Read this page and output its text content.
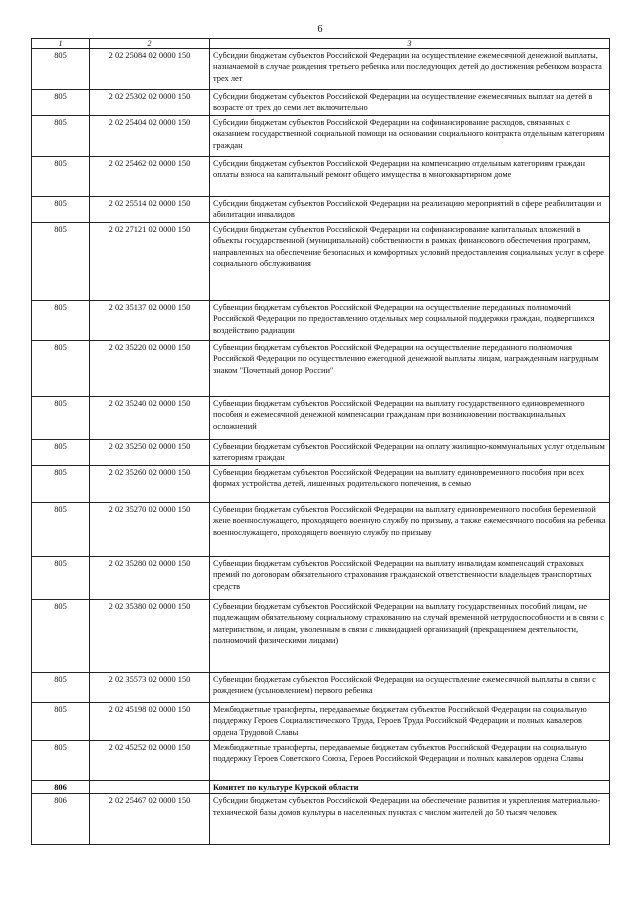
6
1	2	3
805	2 02 25084 02 0000 150	Субсидии бюджетам субъектов Российской Федерации на осуществление ежемесячной денежной выплаты, назначаемой в случае рождения третьего ребенка или последующих детей до достижения ребенком возраста трех лет
805	2 02 25302 02 0000 150	Субсидии бюджетам субъектов Российской Федерации на осуществление ежемесячных выплат на детей в возрасте от трех до семи лет включительно
805	2 02 25404 02 0000 150	Субсидии бюджетам субъектов Российской Федерации на софинансирование расходов, связанных с оказанием государственной социальной помощи на основании социального контракта отдельным категориям граждан
805	2 02 25462 02 0000 150	Субсидии бюджетам субъектов Российской Федерации на компенсацию отдельным категориям граждан оплаты взноса на капитальный ремонт общего имущества в многоквартирном доме
805	2 02 25514 02 0000 150	Субсидии бюджетам субъектов Российской Федерации на реализацию мероприятий в сфере реабилитации и абилитации инвалидов
805	2 02 27121 02 0000 150	Субсидии бюджетам субъектов Российской Федерации на софинансирование капитальных вложений в объекты государственной (муниципальной) собственности в рамках финансового обеспечения программ, направленных на обеспечение безопасных и комфортных условий предоставления социальных услуг в сфере социального обслуживания
805	2 02 35137 02 0000 150	Субвенции бюджетам субъектов Российской Федерации на осуществление переданных полномочий Российской Федерации по предоставлению отдельных мер социальной поддержки граждан, подвергшихся воздействию радиации
805	2 02 35220 02 0000 150	Субвенции бюджетам субъектов Российской Федерации на осуществление переданного полномочия Российской Федерации по осуществлению ежегодной денежной выплаты лицам, награжденным нагрудным знаком "Почетный донор России"
805	2 02 35240 02 0000 150	Субвенции бюджетам субъектов Российской Федерации на выплату государственного единовременного пособия и ежемесячной денежной компенсации гражданам при возникновении поствакцинальных осложнений
805	2 02 35250 02 0000 150	Субвенции бюджетам субъектов Российской Федерации на оплату жилищно-коммунальных услуг отдельным категориям граждан
805	2 02 35260 02 0000 150	Субвенции бюджетам субъектов Российской Федерации на выплату единовременного пособия при всех формах устройства детей, лишенных родительского попечения, в семью
805	2 02 35270 02 0000 150	Субвенции бюджетам субъектов Российской Федерации на выплату единовременного пособия беременной жене военнослужащего, проходящего военную службу по призыву, а также ежемесячного пособия на ребенка военнослужащего, проходящего военную службу по призыву
805	2 02 35280 02 0000 150	Субвенции бюджетам субъектов Российской Федерации на выплату инвалидам компенсаций страховых премий по договорам обязательного страхования гражданской ответственности владельцев транспортных средств
805	2 02 35380 02 0000 150	Субвенции бюджетам субъектов Российской Федерации на выплату государственных пособий лицам, не подлежащим обязательному социальному страхованию на случай временной нетрудоспособности и в связи с материнством, и лицам, уволенным в связи с ликвидацией организаций (прекращением деятельности, полномочий физическими лицами)
805	2 02 35573 02 0000 150	Субвенции бюджетам субъектов Российской Федерации на осуществление ежемесячной выплаты в связи с рождением (усыновлением) первого ребенка
805	2 02 45198 02 0000 150	Межбюджетные трансферты, передаваемые бюджетам субъектов Российской Федерации на социальную поддержку Героев Социалистического Труда, Героев Труда Российской Федерации и полных кавалеров ордена Трудовой Славы
805	2 02 45252 02 0000 150	Межбюджетные трансферты, передаваемые бюджетам субъектов Российской Федерации на социальную поддержку Героев Советского Союза, Героев Российской Федерации и полных кавалеров ордена Славы
806		Комитет по культуре Курской области
806	2 02 25467 02 0000 150	Субсидии бюджетам субъектов Российской Федерации на обеспечение развития и укрепления материально-технической базы домов культуры в населенных пунктах с числом жителей до 50 тысяч человек
